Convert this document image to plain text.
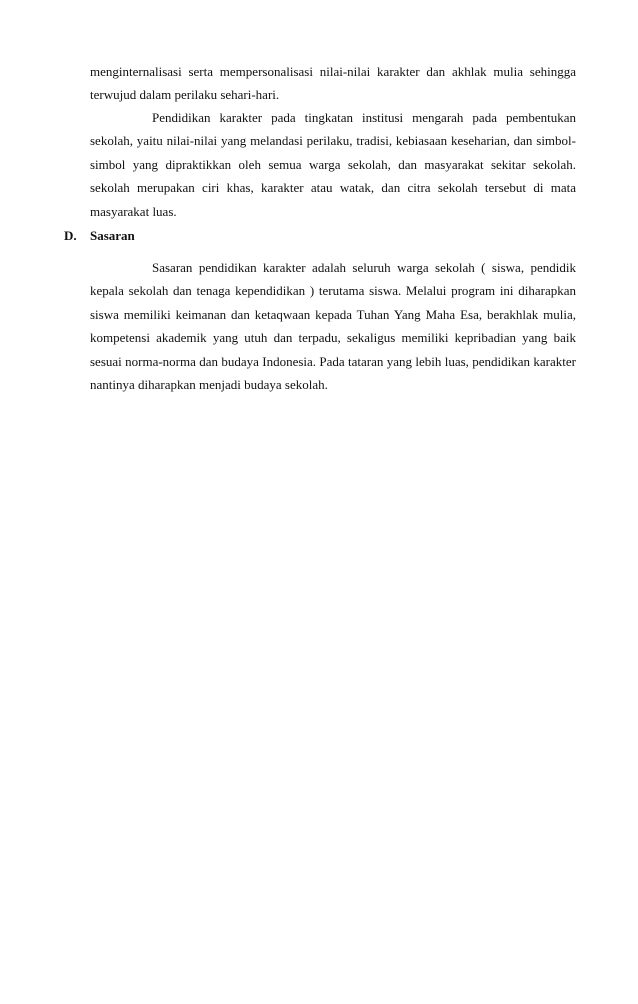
menginternalisasi serta mempersonalisasi nilai-nilai karakter dan akhlak mulia sehingga
terwujud dalam perilaku sehari-hari.
Pendidikan karakter pada tingkatan institusi mengarah pada pembentukan
sekolah, yaitu nilai-nilai yang melandasi perilaku, tradisi, kebiasaan keseharian, dan simbol-
simbol yang dipraktikkan oleh semua warga sekolah, dan masyarakat sekitar sekolah.
sekolah merupakan ciri khas, karakter atau watak, dan citra sekolah tersebut di mata
masyarakat luas.
D. Sasaran
Sasaran pendidikan karakter adalah seluruh warga sekolah ( siswa, pendidik
kepala sekolah dan tenaga kependidikan ) terutama siswa. Melalui program ini diharapkan
siswa memiliki keimanan dan ketaqwaan kepada Tuhan Yang Maha Esa, berakhlak mulia,
kompetensi akademik yang utuh dan terpadu, sekaligus memiliki kepribadian yang baik
sesuai norma-norma dan budaya Indonesia. Pada tataran yang lebih luas, pendidikan karakter
nantinya diharapkan menjadi budaya sekolah.
